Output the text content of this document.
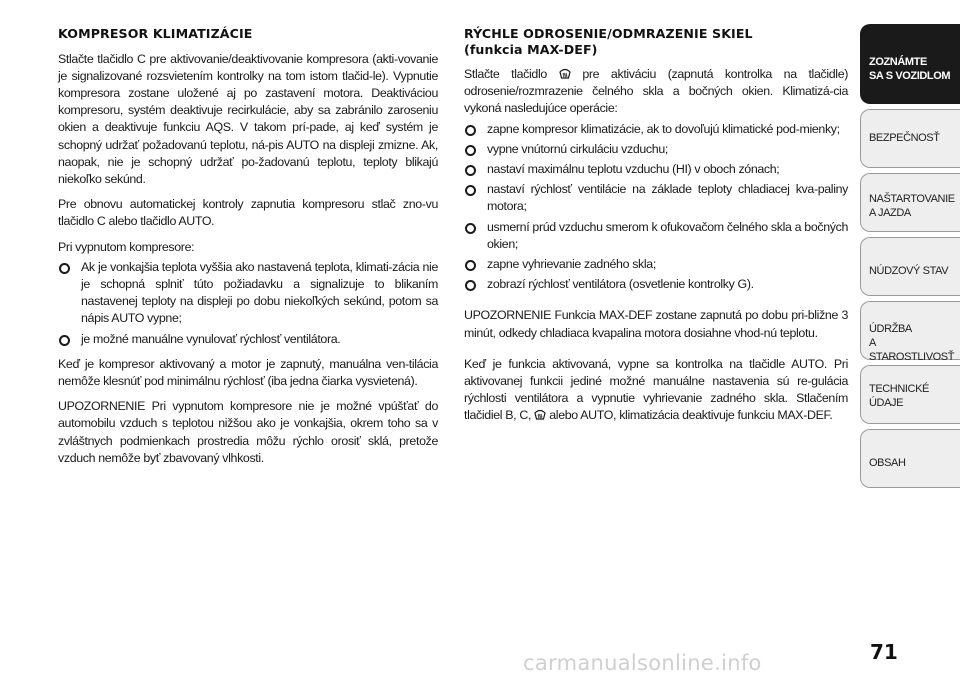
KOMPRESOR KLIMATIZÁCIE

Stlačte tlačidlo C pre aktivovanie/deaktivovanie kompresora (akti-vovanie je signalizované rozsvietením kontrolky na tom istom tlačid-le). Vypnutie kompresora zostane uložené aj po zastavení motora. Deaktiváciou kompresoru, systém deaktivuje recirkulácie, aby sa zabránilo zaroseniu okien a deaktivuje funkciu AQS. V takom prí-pade, aj keď systém je schopný udržať požadovanú teplotu, ná-pis AUTO na displeji zmizne. Ak, naopak, nie je schopný udržať po-žadovanú teplotu, teploty blikajú niekoľko sekúnd.

Pre obnovu automatickej kontroly zapnutia kompresoru stlač zno-vu tlačidlo C alebo tlačidlo AUTO.

Pri vypnutom kompresore:

Ak je vonkajšia teplota vyššia ako nastavená teplota, klimati-zácia nie je schopná splniť túto požiadavku a signalizuje to blikaním nastavenej teploty na displeji po dobu niekoľkých sekúnd, potom sa nápis AUTO vypne;
je možné manuálne vynulovať rýchlosť ventilátora.

Keď je kompresor aktivovaný a motor je zapnutý, manuálna ven-tilácia nemôže klesnúť pod minimálnu rýchlosť (iba jedna čiarka vysvietená).

UPOZORNENIE Pri vypnutom kompresore nie je možné vpúšťať do automobilu vzduch s teplotou nižšou ako je vonkajšia, okrem toho sa v zvláštnych podmienkach prostredia môžu rýchlo orosiť sklá, pretože vzduch nemôže byť zbavovaný vlhkosti.

RÝCHLE ODROSENIE/ODMRAZENIE SKIEL
(funkcia MAX-DEF)

Stlačte tlačidlo	pre aktiváciu (zapnutá kontrolka na tlačidle) odrosenie/rozmrazenie čelného skla a bočných okien. Klimatizá-cia vykoná nasledujúce operácie:

zapne kompresor klimatizácie, ak to dovoľujú klimatické pod-mienky;
vypne vnútornú cirkuláciu vzduchu;
nastaví maximálnu teplotu vzduchu (HI) v oboch zónach;
nastaví rýchlosť ventilácie na základe teploty chladiacej kva-paliny motora;
usmerní prúd vzduchu smerom k ofukovačom čelného skla a bočných okien;
zapne vyhrievanie zadného skla;
zobrazí rýchlosť ventilátora (osvetlenie kontrolky G).

UPOZORNENIE Funkcia MAX-DEF zostane zapnutá po dobu pri-bližne 3 minút, odkedy chladiaca kvapalina motora dosiahne vhod-nú teplotu.

Keď je funkcia aktivovaná, vypne sa kontrolka na tlačidle AUTO. Pri aktivovanej funkcii jediné možné manuálne nastavenia sú re-gulácia rýchlosti ventilátora a vypnutie vyhrievanie zadného skla. Stlačením tlačidiel B, C, alebo AUTO, klimatizácia deaktivuje funkciu MAX-DEF.

ZOZNÁMTE
SA S VOZIDLOM
BEZPEČNOSŤ
NAŠTARTOVANIE
A JAZDA
NÚDZOVÝ STAV
ÚDRŽBA
A STAROSTLIVOSŤ
TECHNICKÉ
ÚDAJE
OBSAH
71
carmanualsonline.info
